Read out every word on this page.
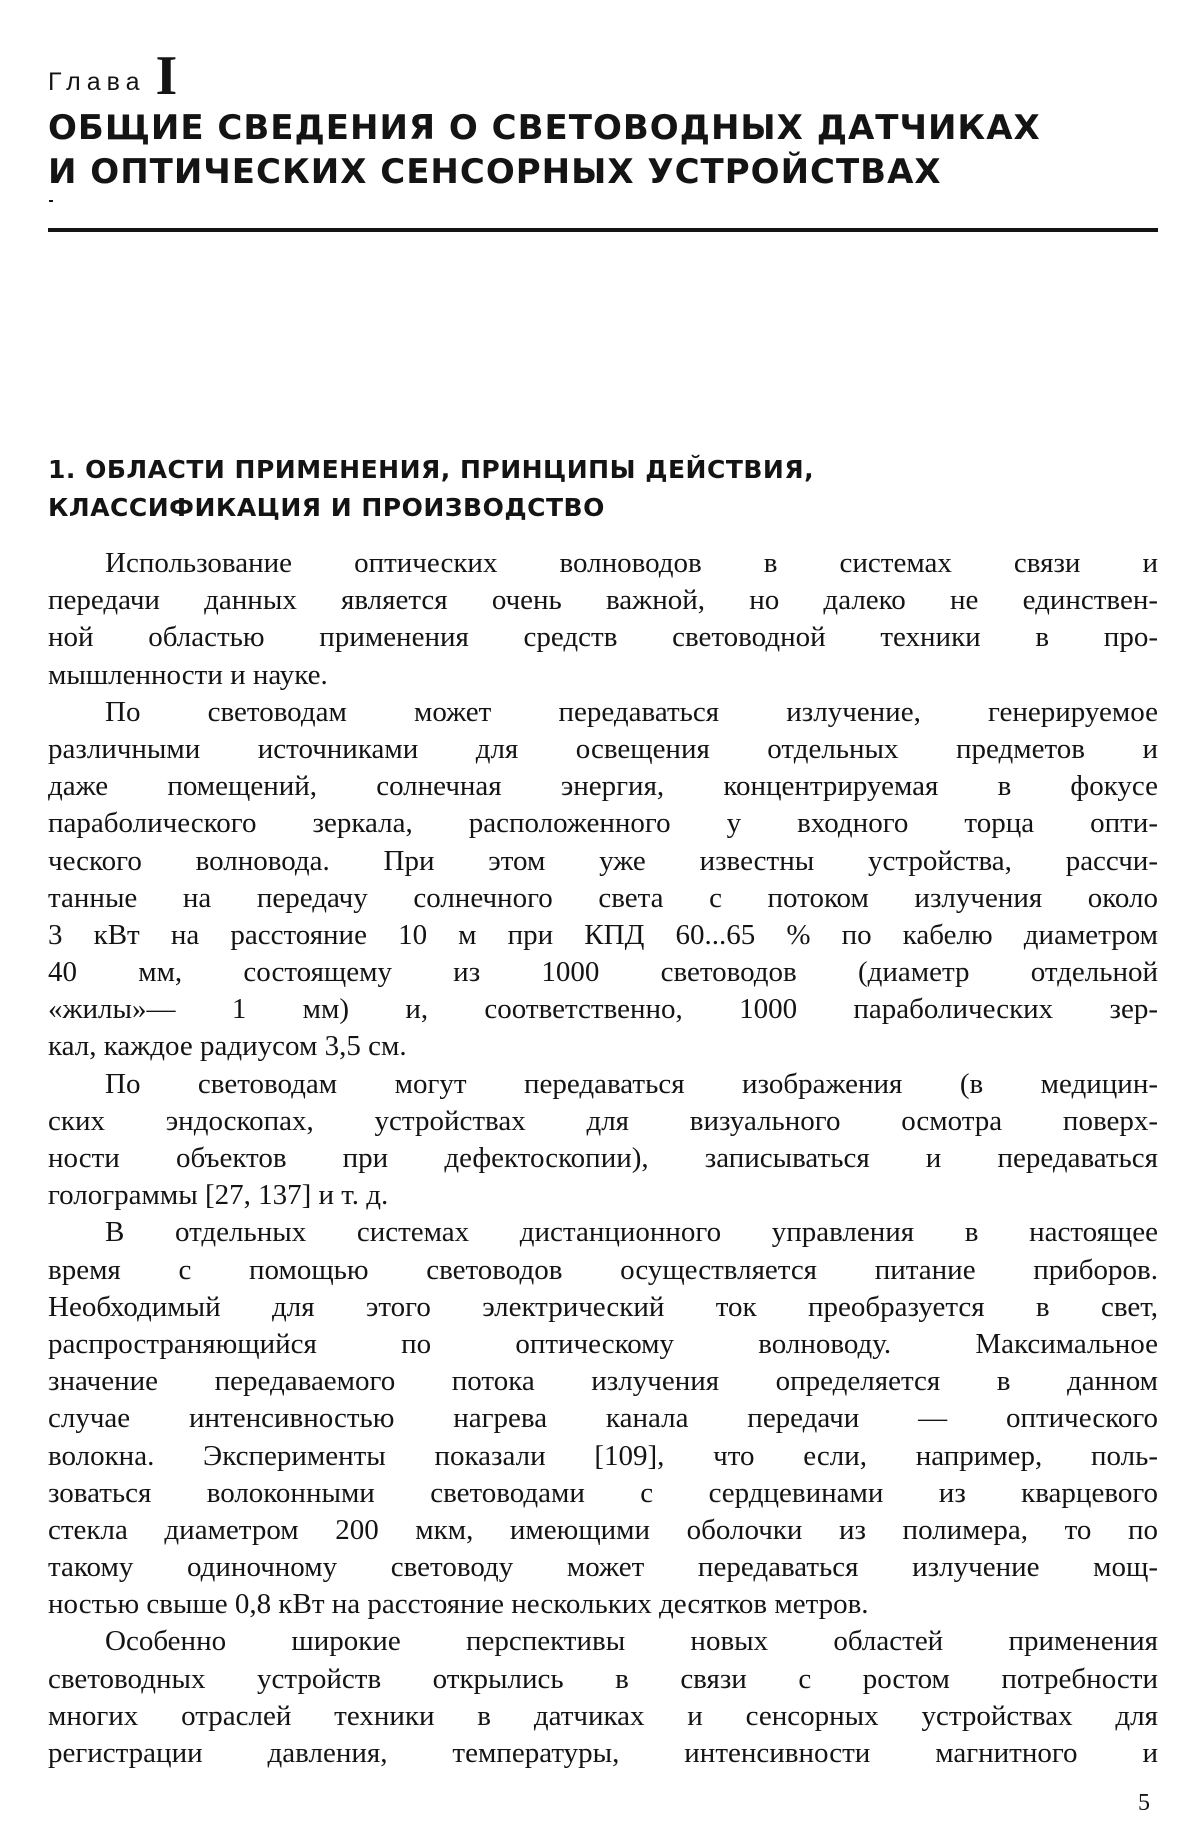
Глава I
ОБЩИЕ СВЕДЕНИЯ О СВЕТОВОДНЫХ ДАТЧИКАХ
И ОПТИЧЕСКИХ СЕНСОРНЫХ УСТРОЙСТВАХ
1. ОБЛАСТИ ПРИМЕНЕНИЯ, ПРИНЦИПЫ ДЕЙСТВИЯ,
КЛАССИФИКАЦИЯ И ПРОИЗВОДСТВО

Использование оптических волноводов в системах связи и
передачи данных является очень важной, но далеко не единствен-
ной областью применения средств световодной техники в про-
мышленности и науке.

По световодам может передаваться излучение, генерируемое
различными источниками для освещения отдельных предметов и
даже помещений, солнечная энергия, концентрируемая в фокусе
параболического зеркала, расположенного у входного торца опти-
ческого волновода. При этом уже известны устройства, рассчи-
танные на передачу солнечного света с потоком излучения около
3 кВт на расстояние 10 м при КПД 60...65 % по кабелю диаметром
40 мм, состоящему из 1000 световодов (диаметр отдельной
«жилы»— 1 мм) и, соответственно, 1000 параболических зер-
кал, каждое радиусом 3,5 см.

По световодам могут передаваться изображения (в медицин-
ских эндоскопах, устройствах для визуального осмотра поверх-
ности объектов при дефектоскопии), записываться и передаваться
голограммы [27, 137] и т. д.

В отдельных системах дистанционного управления в настоящее
время с помощью световодов осуществляется питание приборов.
Необходимый для этого электрический ток преобразуется в свет,
распространяющийся по оптическому волноводу. Максимальное
значение передаваемого потока излучения определяется в данном
случае интенсивностью нагрева канала передачи — оптического
волокна. Эксперименты показали [109], что если, например, поль-
зоваться волоконными световодами с сердцевинами из кварцевого
стекла диаметром 200 мкм, имеющими оболочки из полимера, то по
такому одиночному световоду может передаваться излучение мощ-
ностью свыше 0,8 кВт на расстояние нескольких десятков метров.

Особенно широкие перспективы новых областей применения
световодных устройств открылись в связи с ростом потребности
многих отраслей техники в датчиках и сенсорных устройствах для
регистрации давления, температуры, интенсивности магнитного и

5
